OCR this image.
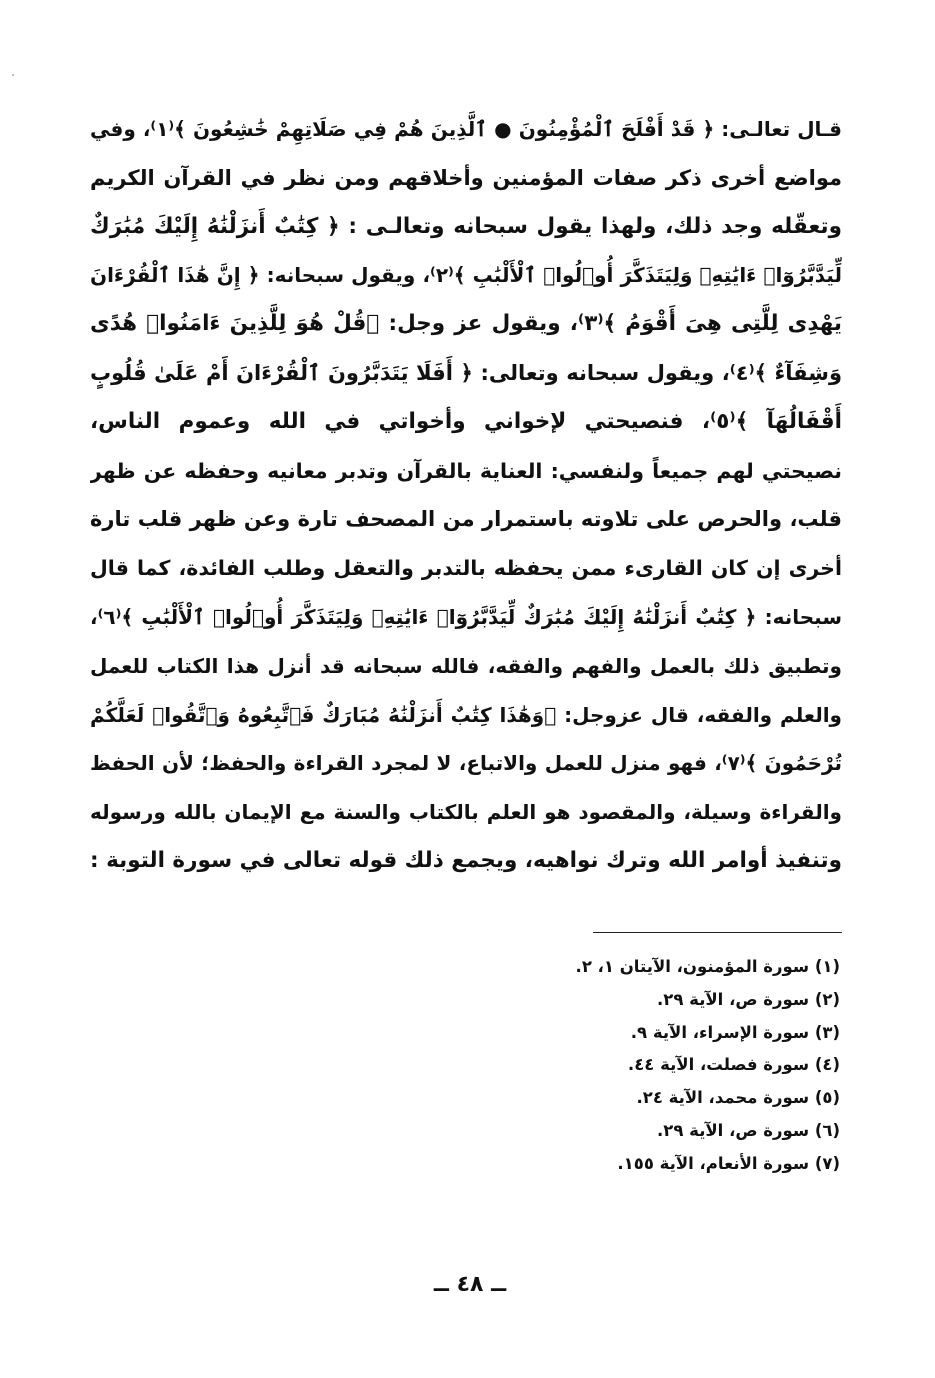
قـال تعالـى: ﴿ قَدْ أَفْلَحَ ٱلْمُؤْمِنُونَ ● ٱلَّذِينَ هُمْ فِي صَلَاتِهِمْ خَٰشِعُونَ ﴾⁽١⁾، وفي
مواضع أخرى ذكر صفات المؤمنين وأخلاقهم ومن نظر في القرآن الكريم
وتعقّله وجد ذلك، ولهذا يقول سبحانه وتعالـى : ﴿ كِتَٰبٌ أَنزَلْنَٰهُ إِلَيْكَ مُبَٰرَكٌ
لِّيَدَّبَّرُوٓا۟ ءَايَٰتِهِۦ وَلِيَتَذَكَّرَ أُو۟لُوا۟ ٱلْأَلْبَٰبِ ﴾⁽٢⁾، ويقول سبحانه: ﴿ إِنَّ هَٰذَا ٱلْقُرْءَانَ
يَهْدِى لِلَّتِى هِىَ أَقْوَمُ ﴾⁽٣⁾، ويقول عز وجل: ﴿قُلْ هُوَ لِلَّذِينَ ءَامَنُوا۟ هُدًى
وَشِفَآءٌ ﴾⁽٤⁾، ويقول سبحانه وتعالى: ﴿ أَفَلَا يَتَدَبَّرُونَ ٱلْقُرْءَانَ أَمْ عَلَىٰ قُلُوبٍ
أَقْفَالُهَآ ﴾⁽٥⁾، فنصيحتي لإخواني وأخواتي في الله وعموم الناس،
نصيحتي لهم جميعاً ولنفسي: العناية بالقرآن وتدبر معانيه وحفظه عن ظهر
قلب، والحرص على تلاوته باستمرار من المصحف تارة وعن ظهر قلب تارة
أخرى إن كان القارىء ممن يحفظه بالتدبر والتعقل وطلب الفائدة، كما قال
سبحانه: ﴿ كِتَٰبٌ أَنزَلْنَٰهُ إِلَيْكَ مُبَٰرَكٌ لِّيَدَّبَّرُوٓا۟ ءَايَٰتِهِۦ وَلِيَتَذَكَّرَ أُو۟لُوا۟ ٱلْأَلْبَٰبِ ﴾⁽٦⁾،
وتطبيق ذلك بالعمل والفهم والفقه، فالله سبحانه قد أنزل هذا الكتاب للعمل
والعلم والفقه، قال عزوجل: ﴿وَهَٰذَا كِتَٰبٌ أَنزَلْنَٰهُ مُبَارَكٌ فَٱتَّبِعُوهُ وَٱتَّقُوا۟ لَعَلَّكُمْ
تُرْحَمُونَ ﴾⁽٧⁾، فهو منزل للعمل والاتباع، لا لمجرد القراءة والحفظ؛ لأن الحفظ
والقراءة وسيلة، والمقصود هو العلم بالكتاب والسنة مع الإيمان بالله ورسوله
وتنفيذ أوامر الله وترك نواهيه، ويجمع ذلك قوله تعالى في سورة التوبة :
(١) سورة المؤمنون، الآيتان ١، ٢.
(٢) سورة ص، الآية ٢٩.
(٣) سورة الإسراء، الآية ٩.
(٤) سورة فصلت، الآية ٤٤.
(٥) سورة محمد، الآية ٢٤.
(٦) سورة ص، الآية ٢٩.
(٧) سورة الأنعام، الآية ١٥٥.
ــ ٤٨ ــ
